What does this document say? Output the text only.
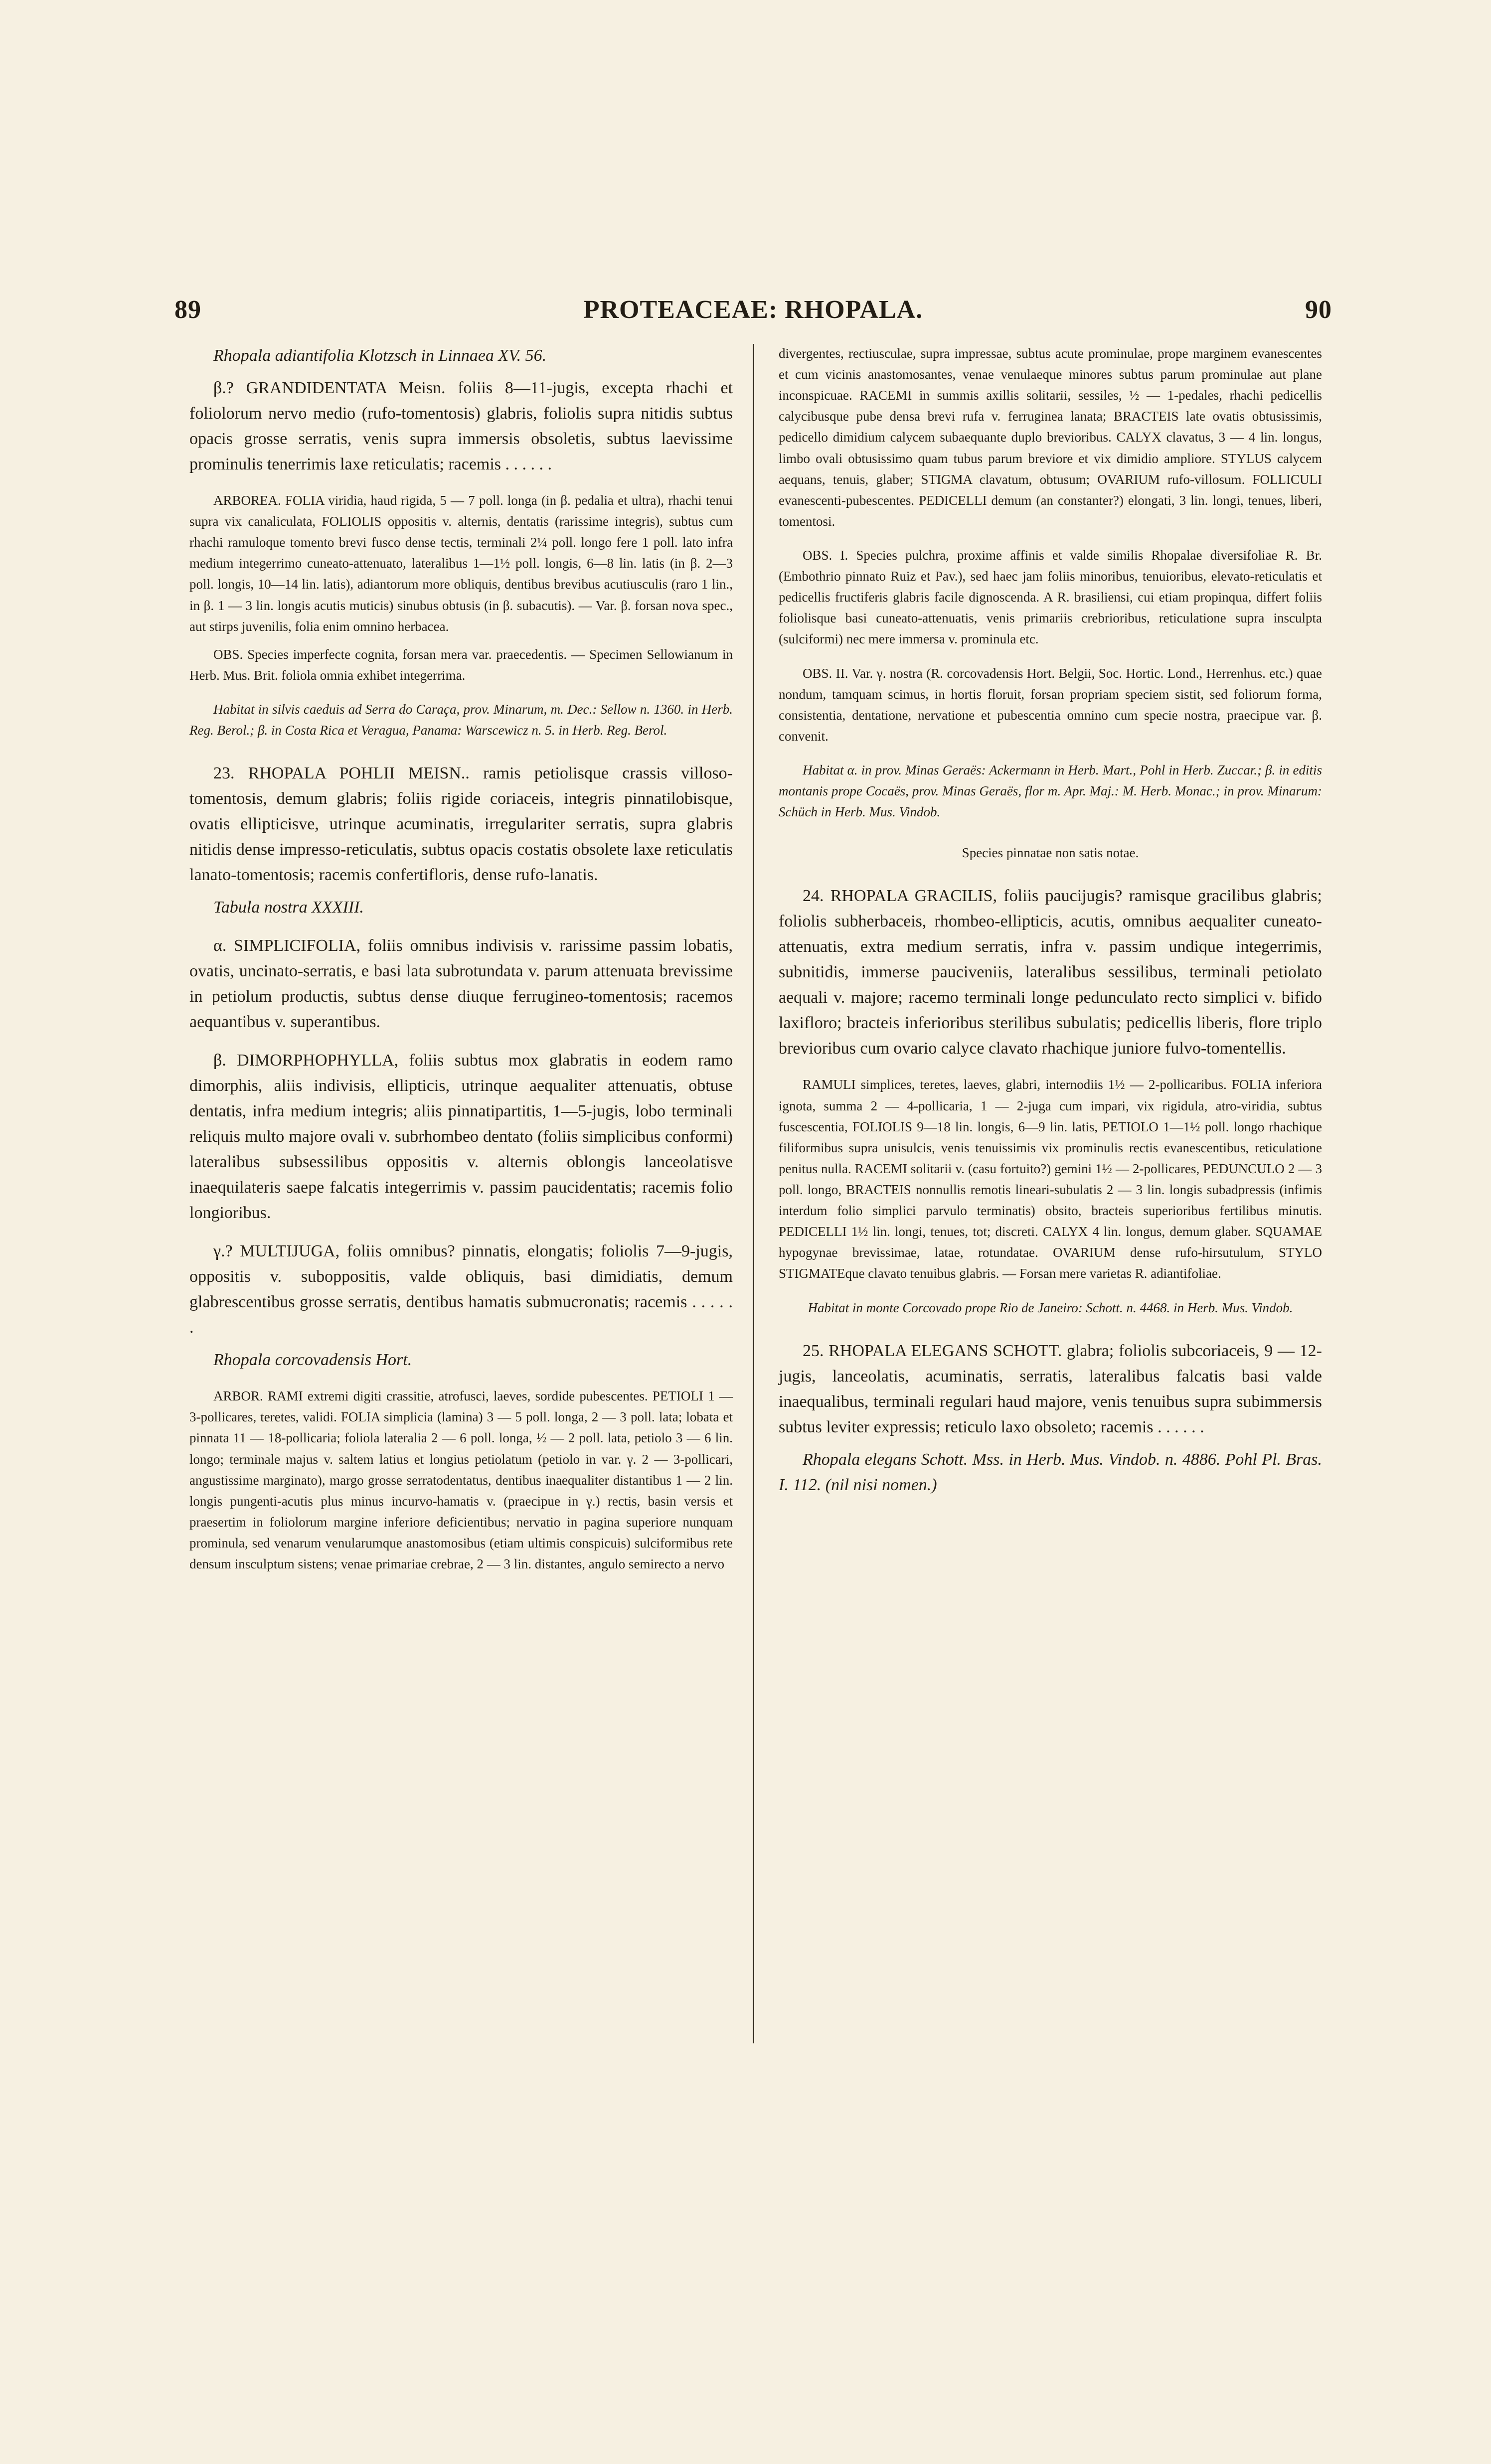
89	PROTEACEAE: RHOPALA.	90

Rhopala adiantifolia Klotzsch in Linnaea XV. 56.

β.? GRANDIDENTATA Meisn. foliis 8—11-jugis, excepta rhachi et foliolorum nervo medio (rufo-tomentosis) glabris, foliolis supra nitidis subtus opacis grosse serratis, venis supra immersis obsoletis, subtus laevissime prominulis tenerrimis laxe reticulatis; racemis . . . . . .

ARBOREA. FOLIA viridia, haud rigida, 5 — 7 poll. longa (in β. pedalia et ultra), rhachi tenui supra vix canaliculata, FOLIOLIS oppositis v. alternis, dentatis (rarissime integris), subtus cum rhachi ramuloque tomento brevi fusco dense tectis, terminali 2¼ poll. longo fere 1 poll. lato infra medium integerrimo cuneato-attenuato, lateralibus 1—1½ poll. longis, 6—8 lin. latis (in β. 2—3 poll. longis, 10—14 lin. latis), adiantorum more obliquis, dentibus brevibus acutiusculis (raro 1 lin., in β. 1 — 3 lin. longis acutis muticis) sinubus obtusis (in β. subacutis). — Var. β. forsan nova spec., aut stirps juvenilis, folia enim omnino herbacea.

OBS. Species imperfecte cognita, forsan mera var. praecedentis. — Specimen Sellowianum in Herb. Mus. Brit. foliola omnia exhibet integerrima.

Habitat in silvis caeduis ad Serra do Caraça, prov. Minarum, m. Dec.: Sellow n. 1360. in Herb. Reg. Berol.; β. in Costa Rica et Veragua, Panama: Warscewicz n. 5. in Herb. Reg. Berol.

23. RHOPALA POHLII MEISN.. ramis petiolisque crassis villoso-tomentosis, demum glabris; foliis rigide coriaceis, integris pinnatilobisque, ovatis ellipticisve, utrinque acuminatis, irregulariter serratis, supra glabris nitidis dense impresso-reticulatis, subtus opacis costatis obsolete laxe reticulatis lanato-tomentosis; racemis confertifloris, dense rufo-lanatis.

Tabula nostra XXXIII.

α. SIMPLICIFOLIA, foliis omnibus indivisis v. rarissime passim lobatis, ovatis, uncinato-serratis, e basi lata subrotundata v. parum attenuata brevissime in petiolum productis, subtus dense diuque ferrugineo-tomentosis; racemos aequantibus v. superantibus.

β. DIMORPHOPHYLLA, foliis subtus mox glabratis in eodem ramo dimorphis, aliis indivisis, ellipticis, utrinque aequaliter attenuatis, obtuse dentatis, infra medium integris; aliis pinnatipartitis, 1—5-jugis, lobo terminali reliquis multo majore ovali v. subrhombeo dentato (foliis simplicibus conformi) lateralibus subsessilibus oppositis v. alternis oblongis lanceolatisve inaequilateris saepe falcatis integerrimis v. passim paucidentatis; racemis folio longioribus.

γ.? MULTIJUGA, foliis omnibus? pinnatis, elongatis; foliolis 7—9-jugis, oppositis v. suboppositis, valde obliquis, basi dimidiatis, demum glabrescentibus grosse serratis, dentibus hamatis submucronatis; racemis . . . . . .

Rhopala corcovadensis Hort.

ARBOR. RAMI extremi digiti crassitie, atrofusci, laeves, sordide pubescentes. PETIOLI 1 — 3-pollicares, teretes, validi. FOLIA simplicia (lamina) 3 — 5 poll. longa, 2 — 3 poll. lata; lobata et pinnata 11 — 18-pollicaria; foliola lateralia 2 — 6 poll. longa, ½ — 2 poll. lata, petiolo 3 — 6 lin. longo; terminale majus v. saltem latius et longius petiolatum (petiolo in var. γ. 2 — 3-pollicari, angustissime marginato), margo grosse serratodentatus, dentibus inaequaliter distantibus 1 — 2 lin. longis pungenti-acutis plus minus incurvo-hamatis v. (praecipue in γ.) rectis, basin versis et praesertim in foliolorum margine inferiore deficientibus; nervatio in pagina superiore nunquam prominula, sed venarum venularumque anastomosibus (etiam ultimis conspicuis) sulciformibus rete densum insculptum sistens; venae primariae crebrae, 2 — 3 lin. distantes, angulo semirecto a nervo

divergentes, rectiusculae, supra impressae, subtus acute prominulae, prope marginem evanescentes et cum vicinis anastomosantes, venae venulaeque minores subtus parum prominulae aut plane inconspicuae. RACEMI in summis axillis solitarii, sessiles, ½ — 1-pedales, rhachi pedicellis calycibusque pube densa brevi rufa v. ferruginea lanata; BRACTEIS late ovatis obtusissimis, pedicello dimidium calycem subaequante duplo brevioribus. CALYX clavatus, 3 — 4 lin. longus, limbo ovali obtusissimo quam tubus parum breviore et vix dimidio ampliore. STYLUS calycem aequans, tenuis, glaber; STIGMA clavatum, obtusum; OVARIUM rufo-villosum. FOLLICULI evanescenti-pubescentes. PEDICELLI demum (an constanter?) elongati, 3 lin. longi, tenues, liberi, tomentosi.

OBS. I. Species pulchra, proxime affinis et valde similis Rhopalae diversifoliae R. Br. (Embothrio pinnato Ruiz et Pav.), sed haec jam foliis minoribus, tenuioribus, elevato-reticulatis et pedicellis fructiferis glabris facile dignoscenda. A R. brasiliensi, cui etiam propinqua, differt foliis foliolisque basi cuneato-attenuatis, venis primariis crebrioribus, reticulatione supra insculpta (sulciformi) nec mere immersa v. prominula etc.

OBS. II. Var. γ. nostra (R. corcovadensis Hort. Belgii, Soc. Hortic. Lond., Herrenhus. etc.) quae nondum, tamquam scimus, in hortis floruit, forsan propriam speciem sistit, sed foliorum forma, consistentia, dentatione, nervatione et pubescentia omnino cum specie nostra, praecipue var. β. convenit.

Habitat α. in prov. Minas Geraës: Ackermann in Herb. Mart., Pohl in Herb. Zuccar.; β. in editis montanis prope Cocaës, prov. Minas Geraës, flor m. Apr. Maj.: M. Herb. Monac.; in prov. Minarum: Schüch in Herb. Mus. Vindob.

Species pinnatae non satis notae.

24. RHOPALA GRACILIS, foliis paucijugis? ramisque gracilibus glabris; foliolis subherbaceis, rhombeo-ellipticis, acutis, omnibus aequaliter cuneato-attenuatis, extra medium serratis, infra v. passim undique integerrimis, subnitidis, immerse pauciveniis, lateralibus sessilibus, terminali petiolato aequali v. majore; racemo terminali longe pedunculato recto simplici v. bifido laxifloro; bracteis inferioribus sterilibus subulatis; pedicellis liberis, flore triplo brevioribus cum ovario calyce clavato rhachique juniore fulvo-tomentellis.

RAMULI simplices, teretes, laeves, glabri, internodiis 1½ — 2-pollicaribus. FOLIA inferiora ignota, summa 2 — 4-pollicaria, 1 — 2-juga cum impari, vix rigidula, atro-viridia, subtus fuscescentia, FOLIOLIS 9—18 lin. longis, 6—9 lin. latis, PETIOLO 1—1½ poll. longo rhachique filiformibus supra unisulcis, venis tenuissimis vix prominulis rectis evanescentibus, reticulatione penitus nulla. RACEMI solitarii v. (casu fortuito?) gemini 1½ — 2-pollicares, PEDUNCULO 2 — 3 poll. longo, BRACTEIS nonnullis remotis lineari-subulatis 2 — 3 lin. longis subadpressis (infimis interdum folio simplici parvulo terminatis) obsito, bracteis superioribus fertilibus minutis. PEDICELLI 1½ lin. longi, tenues, tot; discreti. CALYX 4 lin. longus, demum glaber. SQUAMAE hypogynae brevissimae, latae, rotundatae. OVARIUM dense rufo-hirsutulum, STYLO STIGMATEque clavato tenuibus glabris. — Forsan mere varietas R. adiantifoliae.

Habitat in monte Corcovado prope Rio de Janeiro: Schott. n. 4468. in Herb. Mus. Vindob.

25. RHOPALA ELEGANS SCHOTT. glabra; foliolis subcoriaceis, 9 — 12-jugis, lanceolatis, acuminatis, serratis, lateralibus falcatis basi valde inaequalibus, terminali regulari haud majore, venis tenuibus supra subimmersis subtus leviter expressis; reticulo laxo obsoleto; racemis . . . . . .

Rhopala elegans Schott. Mss. in Herb. Mus. Vindob. n. 4886. Pohl Pl. Bras. I. 112. (nil nisi nomen.)
